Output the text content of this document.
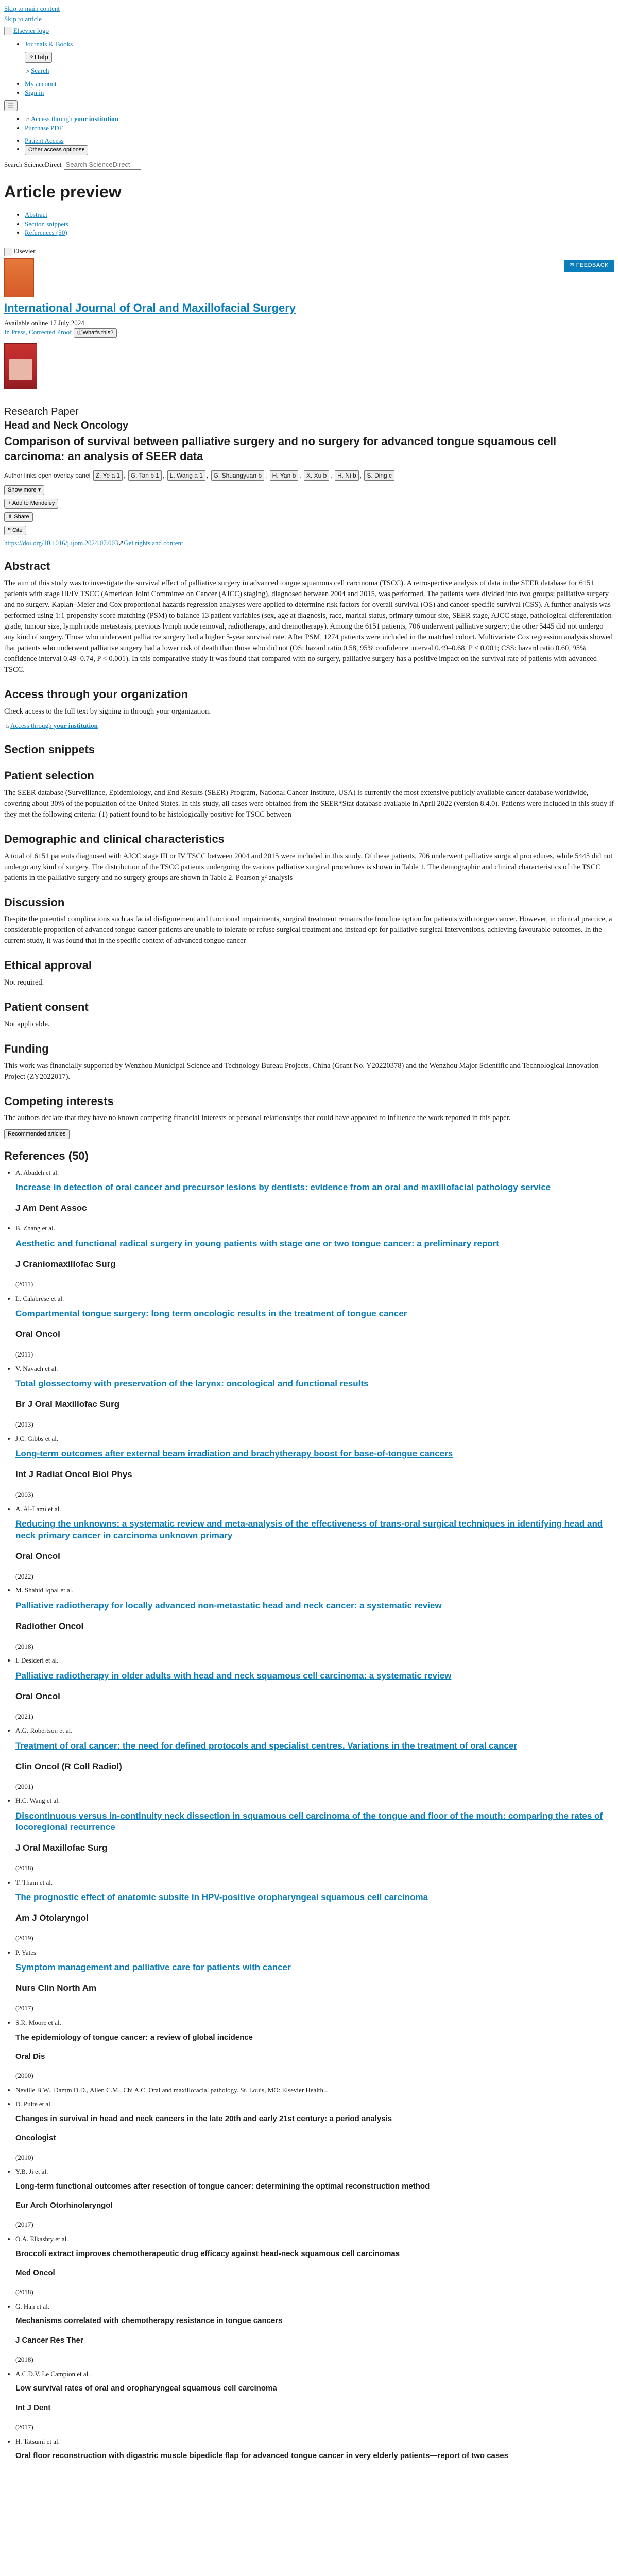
Skip to main content
Skip to article
Elsevier logo
• Journals & Books
? Help
⌕ Search
• My account
• Sign in
☰
• ⌂ Access through your institution
• Purchase PDF
• Patient Access
• Other access options▾
Search ScienceDirect Search ScienceDirect
Article preview
• Abstract
• Section snippets
• References (50)
Elsevier
International Journal of Oral and Maxillofacial Surgery
Available online 17 July 2024
In Press, Corrected Proof ⓘWhat's this?
✉ FEEDBACK
Research Paper
Head and Neck Oncology
Comparison of survival between palliative surgery and no surgery for advanced tongue squamous cell carcinoma: an analysis of SEER data
Author links open overlay panel Z. Ye a 1 , G. Tan b 1 , L. Wang a 1 , G. Shuangyuan b , H. Yan b , X. Xu b , H. Ni b , S. Ding c
Show more ▾
+ Add to Mendeley
⇪ Share
❝ Cite
https://doi.org/10.1016/j.ijom.2024.07.003↗Get rights and content
Abstract

The aim of this study was to investigate the survival effect of palliative surgery in advanced tongue squamous cell carcinoma (TSCC). A retrospective analysis of data in the SEER database for 6151 patients with stage III/IV TSCC (American Joint Committee on Cancer (AJCC) staging), diagnosed between 2004 and 2015, was performed. The patients were divided into two groups: palliative surgery and no surgery. Kaplan–Meier and Cox proportional hazards regression analyses were applied to determine risk factors for overall survival (OS) and cancer-specific survival (CSS). A further analysis was performed using 1:1 propensity score matching (PSM) to balance 13 patient variables (sex, age at diagnosis, race, marital status, primary tumour site, SEER stage, AJCC stage, pathological differentiation grade, tumour size, lymph node metastasis, previous lymph node removal, radiotherapy, and chemotherapy). Among the 6151 patients, 706 underwent palliative surgery; the other 5445 did not undergo any kind of surgery. Those who underwent palliative surgery had a higher 5-year survival rate. After PSM, 1274 patients were included in the matched cohort. Multivariate Cox regression analysis showed that patients who underwent palliative surgery had a lower risk of death than those who did not (OS: hazard ratio 0.58, 95% confidence interval 0.49–0.68, P < 0.001; CSS: hazard ratio 0.60, 95% confidence interval 0.49–0.74, P < 0.001). In this comparative study it was found that compared with no surgery, palliative surgery has a positive impact on the survival rate of patients with advanced TSCC.

Access through your organization

Check access to the full text by signing in through your organization.

⌂ Access through your institution
Section snippets
Patient selection

The SEER database (Surveillance, Epidemiology, and End Results (SEER) Program, National Cancer Institute, USA) is currently the most extensive publicly available cancer database worldwide, covering about 30% of the population of the United States. In this study, all cases were obtained from the SEER*Stat database available in April 2022 (version 8.4.0). Patients were included in this study if they met the following criteria: (1) patient found to be histologically positive for TSCC between

Demographic and clinical characteristics

A total of 6151 patients diagnosed with AJCC stage III or IV TSCC between 2004 and 2015 were included in this study. Of these patients, 706 underwent palliative surgical procedures, while 5445 did not undergo any kind of surgery. The distribution of the TSCC patients undergoing the various palliative surgical procedures is shown in Table 1. The demographic and clinical characteristics of the TSCC patients in the palliative surgery and no surgery groups are shown in Table 2. Pearson χ² analysis

Discussion

Despite the potential complications such as facial disfigurement and functional impairments, surgical treatment remains the frontline option for patients with tongue cancer. However, in clinical practice, a considerable proportion of advanced tongue cancer patients are unable to tolerate or refuse surgical treatment and instead opt for palliative surgical interventions, achieving favourable outcomes. In the current study, it was found that in the specific context of advanced tongue cancer

Ethical approval

Not required.

Patient consent

Not applicable.

Funding

This work was financially supported by Wenzhou Municipal Science and Technology Bureau Projects, China (Grant No. Y20220378) and the Wenzhou Major Scientific and Technological Innovation Project (ZY2022017).

Competing interests

The authors declare that they have no known competing financial interests or personal relationships that could have appeared to influence the work reported in this paper.

Recommended articles
References (50)
• A. Abadeh et al.
Increase in detection of oral cancer and precursor lesions by dentists: evidence from an oral and maxillofacial pathology service
J Am Dent Assoc
• B. Zhang et al.
Aesthetic and functional radical surgery in young patients with stage one or two tongue cancer: a preliminary report
J Craniomaxillofac Surg
(2011)
• L. Calabrese et al.
Compartmental tongue surgery: long term oncologic results in the treatment of tongue cancer
Oral Oncol
(2011)
• V. Navach et al.
Total glossectomy with preservation of the larynx: oncological and functional results
Br J Oral Maxillofac Surg
(2013)
• J.C. Gibbs et al.
Long-term outcomes after external beam irradiation and brachytherapy boost for base-of-tongue cancers
Int J Radiat Oncol Biol Phys
(2003)
• A. Al-Lami et al.
Reducing the unknowns: a systematic review and meta-analysis of the effectiveness of trans-oral surgical techniques in identifying head and neck primary cancer in carcinoma unknown primary
Oral Oncol
(2022)
• M. Shahid Iqbal et al.
Palliative radiotherapy for locally advanced non-metastatic head and neck cancer: a systematic review
Radiother Oncol
(2018)
• I. Desideri et al.
Palliative radiotherapy in older adults with head and neck squamous cell carcinoma: a systematic review
Oral Oncol
(2021)
• A.G. Robertson et al.
Treatment of oral cancer: the need for defined protocols and specialist centres. Variations in the treatment of oral cancer
Clin Oncol (R Coll Radiol)
(2001)
• H.C. Wang et al.
Discontinuous versus in-continuity neck dissection in squamous cell carcinoma of the tongue and floor of the mouth: comparing the rates of locoregional recurrence
J Oral Maxillofac Surg
(2018)
• T. Tham et al.
The prognostic effect of anatomic subsite in HPV-positive oropharyngeal squamous cell carcinoma
Am J Otolaryngol
(2019)
• P. Yates
Symptom management and palliative care for patients with cancer
Nurs Clin North Am
(2017)
• S.R. Moore et al.
The epidemiology of tongue cancer: a review of global incidence
Oral Dis
(2000)
• Neville B.W., Damm D.D., Allen C.M., Chi A.C. Oral and maxillofacial pathology. St. Louis, MO: Elsevier Health...
• D. Pulte et al.
Changes in survival in head and neck cancers in the late 20th and early 21st century: a period analysis
Oncologist
(2010)
• Y.B. Ji et al.
Long-term functional outcomes after resection of tongue cancer: determining the optimal reconstruction method
Eur Arch Otorhinolaryngol
(2017)
• O.A. Elkashty et al.
Broccoli extract improves chemotherapeutic drug efficacy against head-neck squamous cell carcinomas
Med Oncol
(2018)
• G. Han et al.
Mechanisms correlated with chemotherapy resistance in tongue cancers
J Cancer Res Ther
(2018)
• A.C.D.V. Le Campion et al.
Low survival rates of oral and oropharyngeal squamous cell carcinoma
Int J Dent
(2017)
• H. Tatsumi et al.
Oral floor reconstruction with digastric muscle bipedicle flap for advanced tongue cancer in very elderly patients—report of two cases
